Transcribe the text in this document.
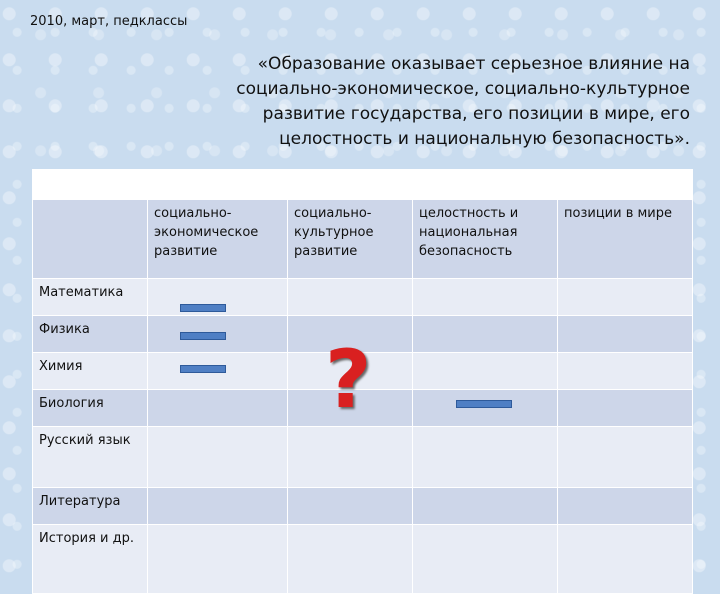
2010, март, педклассы
«Образование оказывает серьезное влияние на
социально-экономическое, социально-культурное
развитие государства, его позиции в мире, его
целостность и национальную безопасность».

	социально-экономическое развитие	социально-культурное развитие	целостность и национальная безопасность	позиции в мире
Математика				
Физика				
Химия				
Биология				
Русский язык				
Литература				
История и др.				
?
